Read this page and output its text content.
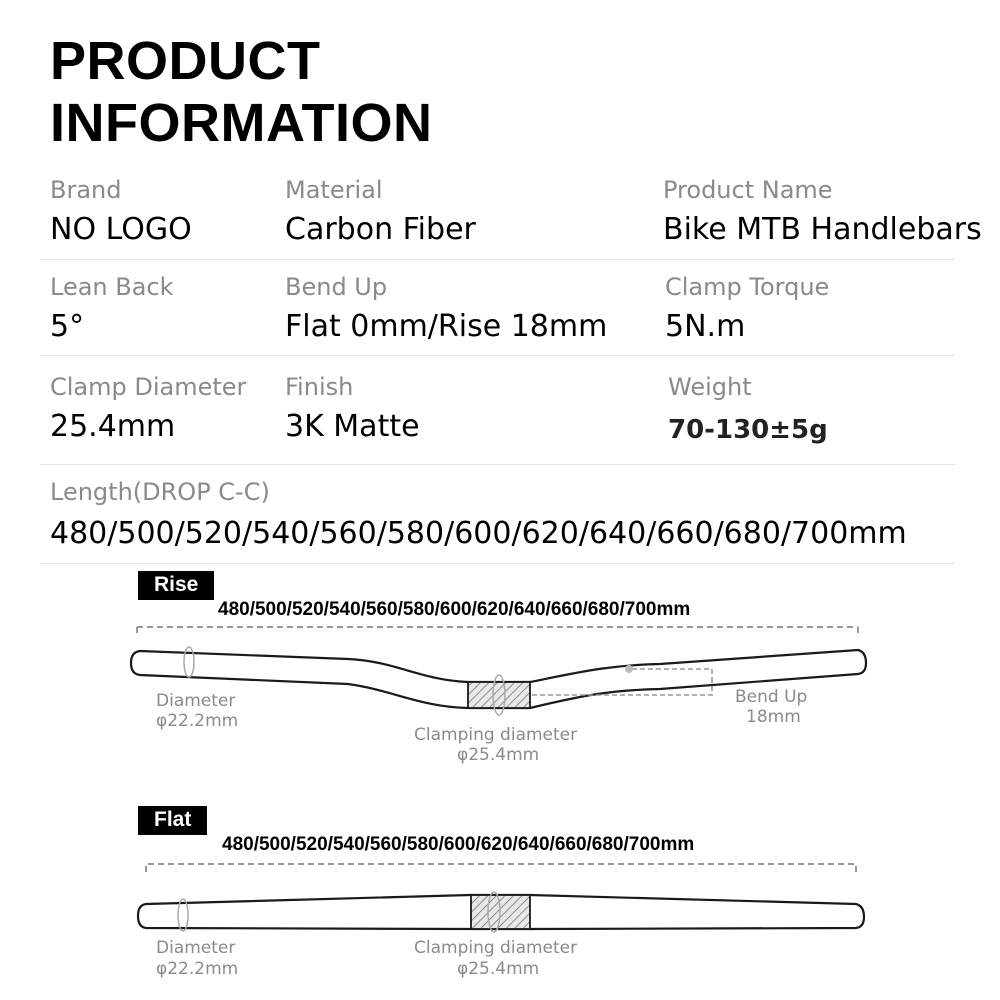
PRODUCT
INFORMATION
Brand
NO LOGO
Material
Carbon Fiber
Product Name
Bike MTB Handlebars
Lean Back
5°
Bend Up
Flat 0mm/Rise 18mm
Clamp Torque
5N.m
Clamp Diameter
25.4mm
Finish
3K Matte
Weight
70-130±5g
Length(DROP C-C)
480/500/520/540/560/580/600/620/640/660/680/700mm
Rise
480/500/520/540/560/580/600/620/640/660/680/700mm
Flat
480/500/520/540/560/580/600/620/640/660/680/700mm
Diameter
φ22.2mm
Clamping diameter
φ25.4mm
Bend Up
18mm
Diameter
φ22.2mm
Clamping diameter
φ25.4mm
